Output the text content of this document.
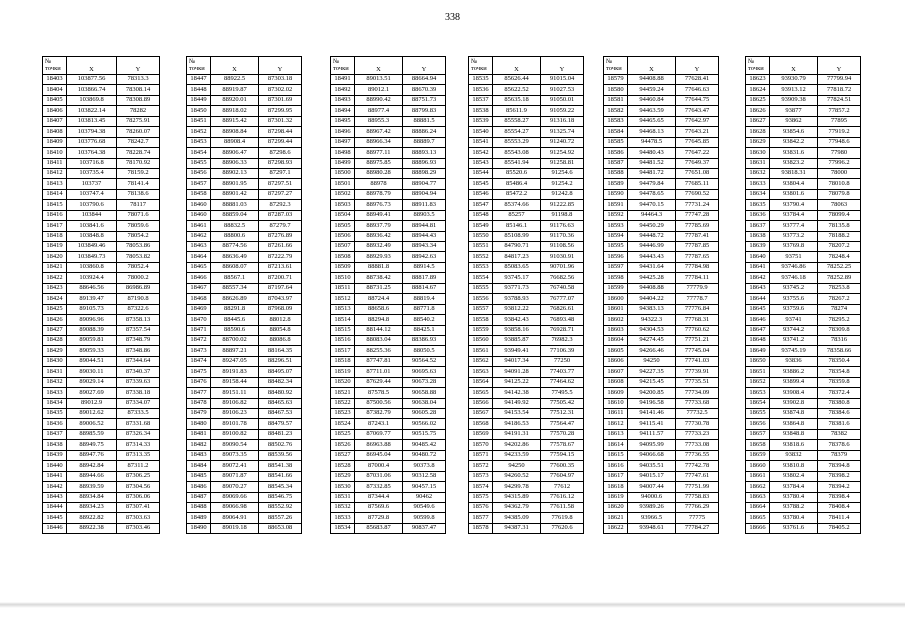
338
№
точки	X	Y
18403	103877.56	78313.3
18404	103866.74	78308.14
18405	103869.8	78308.89
18406	103822.14	78282
18407	103813.45	78275.91
18408	103794.38	78260.07
18409	103776.68	78242.7
18410	103764.38	78228.74
18411	103716.8	78170.92
18412	103735.4	78159.2
18413	103737	78141.4
18414	103747.4	78138.6
18415	103790.6	78117
18416	103844	78071.6
18417	103841.6	78059.6
18418	103848.8	78054.2
18419	103849.46	78053.86
18420	103849.73	78053.82
18421	103860.8	78052.4
18422	103924.4	78000.2
18423	88646.56	86986.89
18424	89139.47	87190.8
18425	89105.73	87322.6
18426	89096.96	87358.13
18427	89088.39	87357.54
18428	89059.81	87348.79
18429	89059.33	87348.86
18430	89044.51	87344.64
18431	89030.11	87340.37
18432	89029.14	87339.63
18433	89027.69	87338.18
18434	89012.9	87334.07
18435	89012.62	87333.5
18436	89006.52	87331.68
18437	88985.59	87326.34
18438	88949.75	87314.33
18439	88947.76	87313.35
18440	88942.84	87311.2
18441	88944.66	87306.25
18442	88939.59	87304.56
18443	88934.84	87306.06
18444	88934.23	87307.41
18445	88922.82	87303.63
18446	88922.38	87303.46
№
точки	X	Y
18447	88922.5	87303.18
18448	88919.87	87302.02
18449	88920.01	87301.69
18450	88918.02	87299.95
18451	88915.42	87301.32
18452	88908.84	87298.44
18453	88908.4	87299.44
18454	88906.47	87298.6
18455	88906.33	87298.93
18456	88902.13	87297.1
18457	88901.95	87297.51
18458	88901.42	87297.27
18460	88881.03	87292.3
18460	88859.04	87287.03
18461	88832.5	87279.7
18462	88800.6	87276.89
18463	88774.56	87261.66
18464	88636.49	87222.79
18465	88608.07	87213.61
18466	88567.1	87200.71
18467	88557.34	87197.64
18468	88626.89	87043.97
18469	88291.8	87968.09
18470	88445.6	88012.8
18471	88590.6	88054.8
18472	88700.02	88086.8
18473	88897.21	88164.35
18474	89247.05	88296.51
18475	89191.83	88495.07
18476	89158.44	88482.34
18477	89151.11	88480.92
18478	89106.82	88465.63
18479	89106.23	88467.53
18480	89101.78	88479.57
18481	89100.82	88481.23
18482	89090.54	88502.76
18483	89073.35	88539.56
18484	89072.41	88541.38
18485	89071.87	88541.66
18486	89070.27	88545.34
18487	89069.66	88546.75
18488	89066.98	88552.92
18489	89064.91	88557.26
18490	89019.18	88653.08
№
точки	X	Y
18491	89013.51	88664.94
18492	89012.1	88670.39
18493	88990.42	88751.73
18494	88977.4	88799.83
18495	88955.3	88881.5
18496	88967.42	88886.24
18497	88966.34	88889.7
18498	88977.11	88893.13
18499	88975.85	88896.93
18500	88980.28	88898.29
18501	88978	88904.77
18502	88978.79	88904.94
18503	88976.73	88911.83
18504	88949.41	88903.5
18505	88937.79	88944.81
18506	88936.42	88944.43
18507	88932.49	88943.34
18508	88929.93	88942.63
18509	88881.8	88914.5
18510	88738.42	88817.89
18511	88731.25	88814.67
18512	88724.4	88819.4
18513	88658.6	88771.8
18514	88294.8	88540.2
18515	88144.12	88425.1
18516	88083.04	88386.93
18517	88255.36	88050.5
18518	87747.81	90564.52
18519	87711.01	90695.63
18520	87629.44	90673.28
18521	87578.5	90658.88
18522	87500.56	90638.04
18523	87382.79	90605.28
18524	87243.1	90566.02
18525	87069.77	90515.75
18526	86963.88	90485.42
18527	86945.04	90480.72
18528	87000.4	90373.8
18529	87031.06	90312.58
18530	87332.85	90457.15
18531	87344.4	90462
18532	87569.6	90549.6
18533	87729.8	90599.8
18534	85683.87	90837.47
№
точки	X	Y
18535	85626.44	91015.04
18536	85622.52	91027.53
18537	85635.18	91050.01
18538	85611.9	91059.22
18539	85558.27	91316.18
18540	85554.27	91325.74
18541	85553.29	91240.72
18542	85543.08	91254.92
18543	85541.94	91258.81
18544	85520.6	91254.6
18545	85486.4	91254.2
18546	85472.2	91242.8
18547	85374.66	91222.85
18548	85257	91198.8
18549	85146.1	91176.63
18550	85108.99	91170.36
18551	84790.71	91108.56
18552	84817.23	91030.91
18553	85083.65	90701.96
18554	93745.17	76682.56
18555	93771.73	76740.58
18556	93788.93	76777.07
18557	93812.22	76826.61
18558	93842.43	76893.48
18559	93858.16	76928.71
18560	93885.87	76982.3
18561	93949.41	77106.39
18562	94017.34	77250
18563	94091.28	77403.77
18564	94125.22	77464.62
18565	94142.38	77495.5
18566	94149.92	77505.42
18567	94153.54	77512.31
18568	94186.53	77564.47
18569	94191.31	77570.28
18570	94202.86	77578.67
18571	94233.59	77594.15
18572	94250	77600.35
18573	94260.52	77604.97
18574	94299.78	77612
18575	94315.89	77616.12
18576	94362.79	77611.58
18577	94385.09	77619.8
18578	94387.31	77620.6
№
точки	X	Y
18579	94408.88	77628.41
18580	94459.24	77646.63
18581	94460.84	77644.75
18582	94463.59	77643.47
18583	94465.65	77642.97
18584	94468.13	77643.21
18585	94478.5	77645.85
18586	94480.43	77647.22
18587	94481.52	77649.37
18588	94481.72	77651.08
18589	94479.84	77685.11
18590	94478.65	77690.52
18591	94470.15	77731.24
18592	94464.3	77747.28
18593	94450.29	77785.69
18594	94448.72	77787.41
18595	94446.99	77787.85
18596	94443.43	77787.65
18597	94431.64	77784.98
18598	94425.28	77784.11
18599	94408.88	77779.9
18600	94404.22	77778.7
18601	94383.13	77776.84
18602	94322.3	77768.31
18603	94304.53	77760.62
18604	94274.45	77751.21
18605	94266.46	77745.04
18606	94250	77741.03
18607	94227.35	77739.91
18608	94215.45	77735.51
18609	94200.85	77734.09
18610	94196.58	77733.68
18611	94141.46	77732.5
18612	94115.41	77730.78
18613	94111.57	77733.23
18614	94095.99	77733.08
18615	94066.68	77736.55
18616	94035.51	77742.78
18617	94015.17	77747.61
18618	94007.44	77751.99
18619	94000.6	77758.83
18620	93989.26	77766.29
18621	93966.5	77775
18622	93948.61	77784.27
№
точки	X	Y
18623	93930.79	77799.94
18624	93913.12	77818.72
18625	93909.38	77824.51
18626	93877	77857.2
18627	93862	77895
18628	93854.6	77919.2
18629	93842.2	77948.6
18630	93831.6	77980
18631	93823.2	77996.2
18632	93818.31	78000
18633	93804.4	78010.8
18634	93801.6	78079.8
18635	93790.4	78063
18636	93784.4	78099.4
18637	93777.4	78135.8
18638	93773.2	78188.2
18639	93769.8	78207.2
18640	93751	78248.4
18641	93746.86	78252.25
18642	93746.18	78252.89
18643	93745.2	78253.8
18644	93755.6	78267.2
18645	93759.6	78274
18646	93741	78295.2
18647	93744.2	78309.8
18648	93741.2	78316
18649	93745.19	78358.66
18650	93836	78350.4
18651	93886.2	78354.8
18652	93899.4	78359.8
18653	93908.4	78372.4
18654	93902.8	78380.8
18655	93874.8	78384.6
18656	93864.8	78381.6
18657	93848.8	78382
18658	93818.6	78378.6
18659	93832	78379
18660	93810.8	78394.8
18661	93802.4	78398.2
18662	93784.4	78394.2
18663	93780.4	78398.4
18664	93788.2	78408.4
18665	93780.4	78411.4
18666	93761.6	78405.2
